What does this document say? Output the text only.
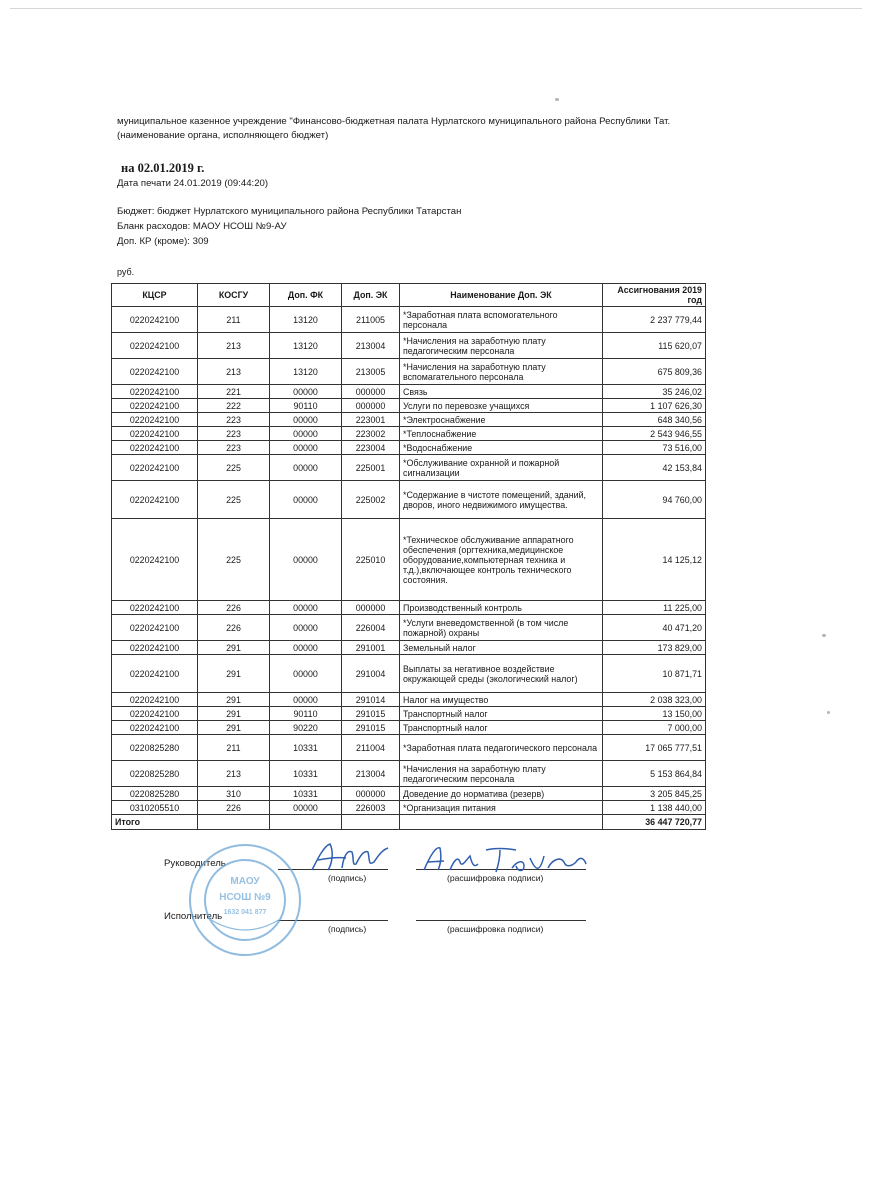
муниципальное казенное учреждение "Финансово-бюджетная палата Нурлатского муниципального района Республики Тат.
(наименование органа, исполняющего бюджет)
на 02.01.2019 г.
Дата печати 24.01.2019 (09:44:20)
Бюджет: бюджет Нурлатского муниципального района Республики Татарстан
Бланк расходов: МАОУ НСОШ №9-АУ
Доп. КР (кроме): 309
руб.
КЦСР	КОСГУ	Доп. ФК	Доп. ЭК	Наименование Доп. ЭК	Ассигнования 2019 год
0220242100	211	13120	211005	*Заработная плата вспомогательного персонала	2 237 779,44
0220242100	213	13120	213004	*Начисления на заработную плату педагогическим персонала	115 620,07
0220242100	213	13120	213005	*Начисления на заработную плату вспомагательного персонала	675 809,36
0220242100	221	00000	000000	Связь	35 246,02
0220242100	222	90110	000000	Услуги по перевозке учащихся	1 107 626,30
0220242100	223	00000	223001	*Электроснабжение	648 340,56
0220242100	223	00000	223002	*Теплоснабжение	2 543 946,55
0220242100	223	00000	223004	*Водоснабжение	73 516,00
0220242100	225	00000	225001	*Обслуживание охранной и пожарной сигнализации	42 153,84
0220242100	225	00000	225002	*Содержание в чистоте помещений, зданий, дворов, иного недвижимого имущества.	94 760,00
0220242100	225	00000	225010	*Техническое обслуживание аппаратного обеспечения (оргтехника,медицинское оборудование,компьютерная техника и т.д.),включающее контроль технического состояния.	14 125,12
0220242100	226	00000	000000	Производственный контроль	11 225,00
0220242100	226	00000	226004	*Услуги вневедомственной (в том числе пожарной) охраны	40 471,20
0220242100	291	00000	291001	Земельный налог	173 829,00
0220242100	291	00000	291004	Выплаты за негативное воздействие окружающей среды (экологический налог)	10 871,71
0220242100	291	00000	291014	Налог на имущество	2 038 323,00
0220242100	291	90110	291015	Транспортный налог	13 150,00
0220242100	291	90220	291015	Транспортный налог	7 000,00
0220825280	211	10331	211004	*Заработная плата педагогического персонала	17 065 777,51
0220825280	213	10331	213004	*Начисления на заработную плату педагогическим персонала	5 153 864,84
0220825280	310	10331	000000	Доведение до норматива (резерв)	3 205 845,25
0310205510	226	00000	226003	*Организация питания	1 138 440,00
Итого					36 447 720,77
Руководитель
(подпись)	(расшифровка подписи)
Исполнитель
(подпись)	(расшифровка подписи)
МАОУ
НСОШ №9
1632 041 877
